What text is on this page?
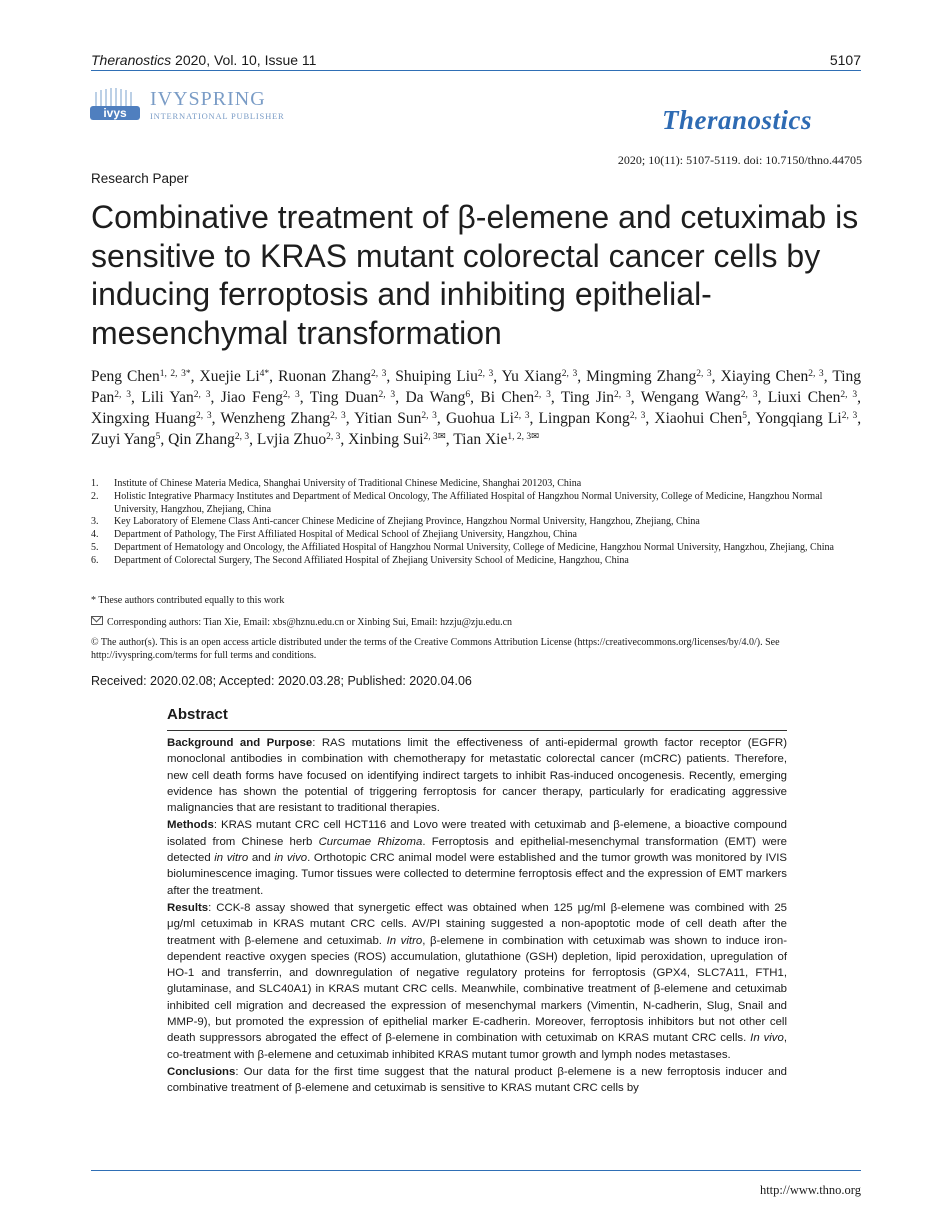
Theranostics 2020, Vol. 10, Issue 11	5107
ivys
IVYSPRING
INTERNATIONAL PUBLISHER	Theranostics
2020; 10(11): 5107-5119. doi: 10.7150/thno.44705
Research Paper
Combinative treatment of β-elemene and cetuximab is sensitive to KRAS mutant colorectal cancer cells by inducing ferroptosis and inhibiting epithelial-mesenchymal transformation
Peng Chen$^{1, 2, 3*}$, Xuejie $Li^{4*}$, Ruonan Zhang$^{2, 3}$, Shuiping Liu$^{2, 3}$, Yu Xiang$^{2, 3}$, Mingming Zhang$^{2, 3}$, Xiaying Chen$^{2, 3}$, Ting Pan$^{2, 3}$, Lili Yan$^{2, 3}$, Jiao Feng$^{2, 3}$, Ting Duan$^{2, 3}$, Da Wang$^6$, Bi Chen$^{2, 3}$, Ting Jin$^{2, 3}$, Wengang Wang$^{2, 3}$, Liuxi Chen$^{2, 3}$, Xingxing Huang$^{2, 3}$, Wenzheng Zhang$^{2, 3}$, Yitian Sun$^{2, 3}$, Guohua Li$^{2, 3}$, Lingpan Kong$^{2, 3}$, Xiaohui Chen$^5$, Yongqiang Li$^{2, 3}$, Zuyi Yang$^5$, Qin Zhang$^{2, 3}$, Lvjia Zhuo$^{2, 3}$, Xinbing Sui$^{2, 3✉}$, Tian Xie$^{1, 2, 3✉}$
1. Institute of Chinese Materia Medica, Shanghai University of Traditional Chinese Medicine, Shanghai 201203, China
2. Holistic Integrative Pharmacy Institutes and Department of Medical Oncology, The Affiliated Hospital of Hangzhou Normal University, College of Medicine, Hangzhou Normal University, Hangzhou, Zhejiang, China
3. Key Laboratory of Elemene Class Anti-cancer Chinese Medicine of Zhejiang Province, Hangzhou Normal University, Hangzhou, Zhejiang, China
4. Department of Pathology, The First Affiliated Hospital of Medical School of Zhejiang University, Hangzhou, China
5. Department of Hematology and Oncology, the Affiliated Hospital of Hangzhou Normal University, College of Medicine, Hangzhou Normal University, Hangzhou, Zhejiang, China
6. Department of Colorectal Surgery, The Second Affiliated Hospital of Zhejiang University School of Medicine, Hangzhou, China
* These authors contributed equally to this work
Corresponding authors: Tian Xie, Email: xbs@hznu.edu.cn or Xinbing Sui, Email: hzzju@zju.edu.cn
© The author(s). This is an open access article distributed under the terms of the Creative Commons Attribution License (https://creativecommons.org/licenses/by/4.0/). See http://ivyspring.com/terms for full terms and conditions.
Received: 2020.02.08; Accepted: 2020.03.28; Published: 2020.04.06
Abstract

Background and Purpose: RAS mutations limit the effectiveness of anti-epidermal growth factor receptor (EGFR) monoclonal antibodies in combination with chemotherapy for metastatic colorectal cancer (mCRC) patients. Therefore, new cell death forms have focused on identifying indirect targets to inhibit Ras-induced oncogenesis. Recently, emerging evidence has shown the potential of triggering ferroptosis for cancer therapy, particularly for eradicating aggressive malignancies that are resistant to traditional therapies.

Methods: KRAS mutant CRC cell HCT116 and Lovo were treated with cetuximab and β-elemene, a bioactive compound isolated from Chinese herb Curcumae Rhizoma. Ferroptosis and epithelial-mesenchymal transformation (EMT) were detected in vitro and in vivo. Orthotopic CRC animal model were established and the tumor growth was monitored by IVIS bioluminescence imaging. Tumor tissues were collected to determine ferroptosis effect and the expression of EMT markers after the treatment.

Results: CCK-8 assay showed that synergetic effect was obtained when 125 μg/ml β-elemene was combined with 25 μg/ml cetuximab in KRAS mutant CRC cells. AV/PI staining suggested a non-apoptotic mode of cell death after the treatment with β-elemene and cetuximab. In vitro, β-elemene in combination with cetuximab was shown to induce iron-dependent reactive oxygen species (ROS) accumulation, glutathione (GSH) depletion, lipid peroxidation, upregulation of HO-1 and transferrin, and downregulation of negative regulatory proteins for ferroptosis (GPX4, SLC7A11, FTH1, glutaminase, and SLC40A1) in KRAS mutant CRC cells. Meanwhile, combinative treatment of β-elemene and cetuximab inhibited cell migration and decreased the expression of mesenchymal markers (Vimentin, N-cadherin, Slug, Snail and MMP-9), but promoted the expression of epithelial marker E-cadherin. Moreover, ferroptosis inhibitors but not other cell death suppressors abrogated the effect of β-elemene in combination with cetuximab on KRAS mutant CRC cells. In vivo, co-treatment with β-elemene and cetuximab inhibited KRAS mutant tumor growth and lymph nodes metastases.

Conclusions: Our data for the first time suggest that the natural product β-elemene is a new ferroptosis inducer and combinative treatment of β-elemene and cetuximab is sensitive to KRAS mutant CRC cells by

http://www.thno.org
